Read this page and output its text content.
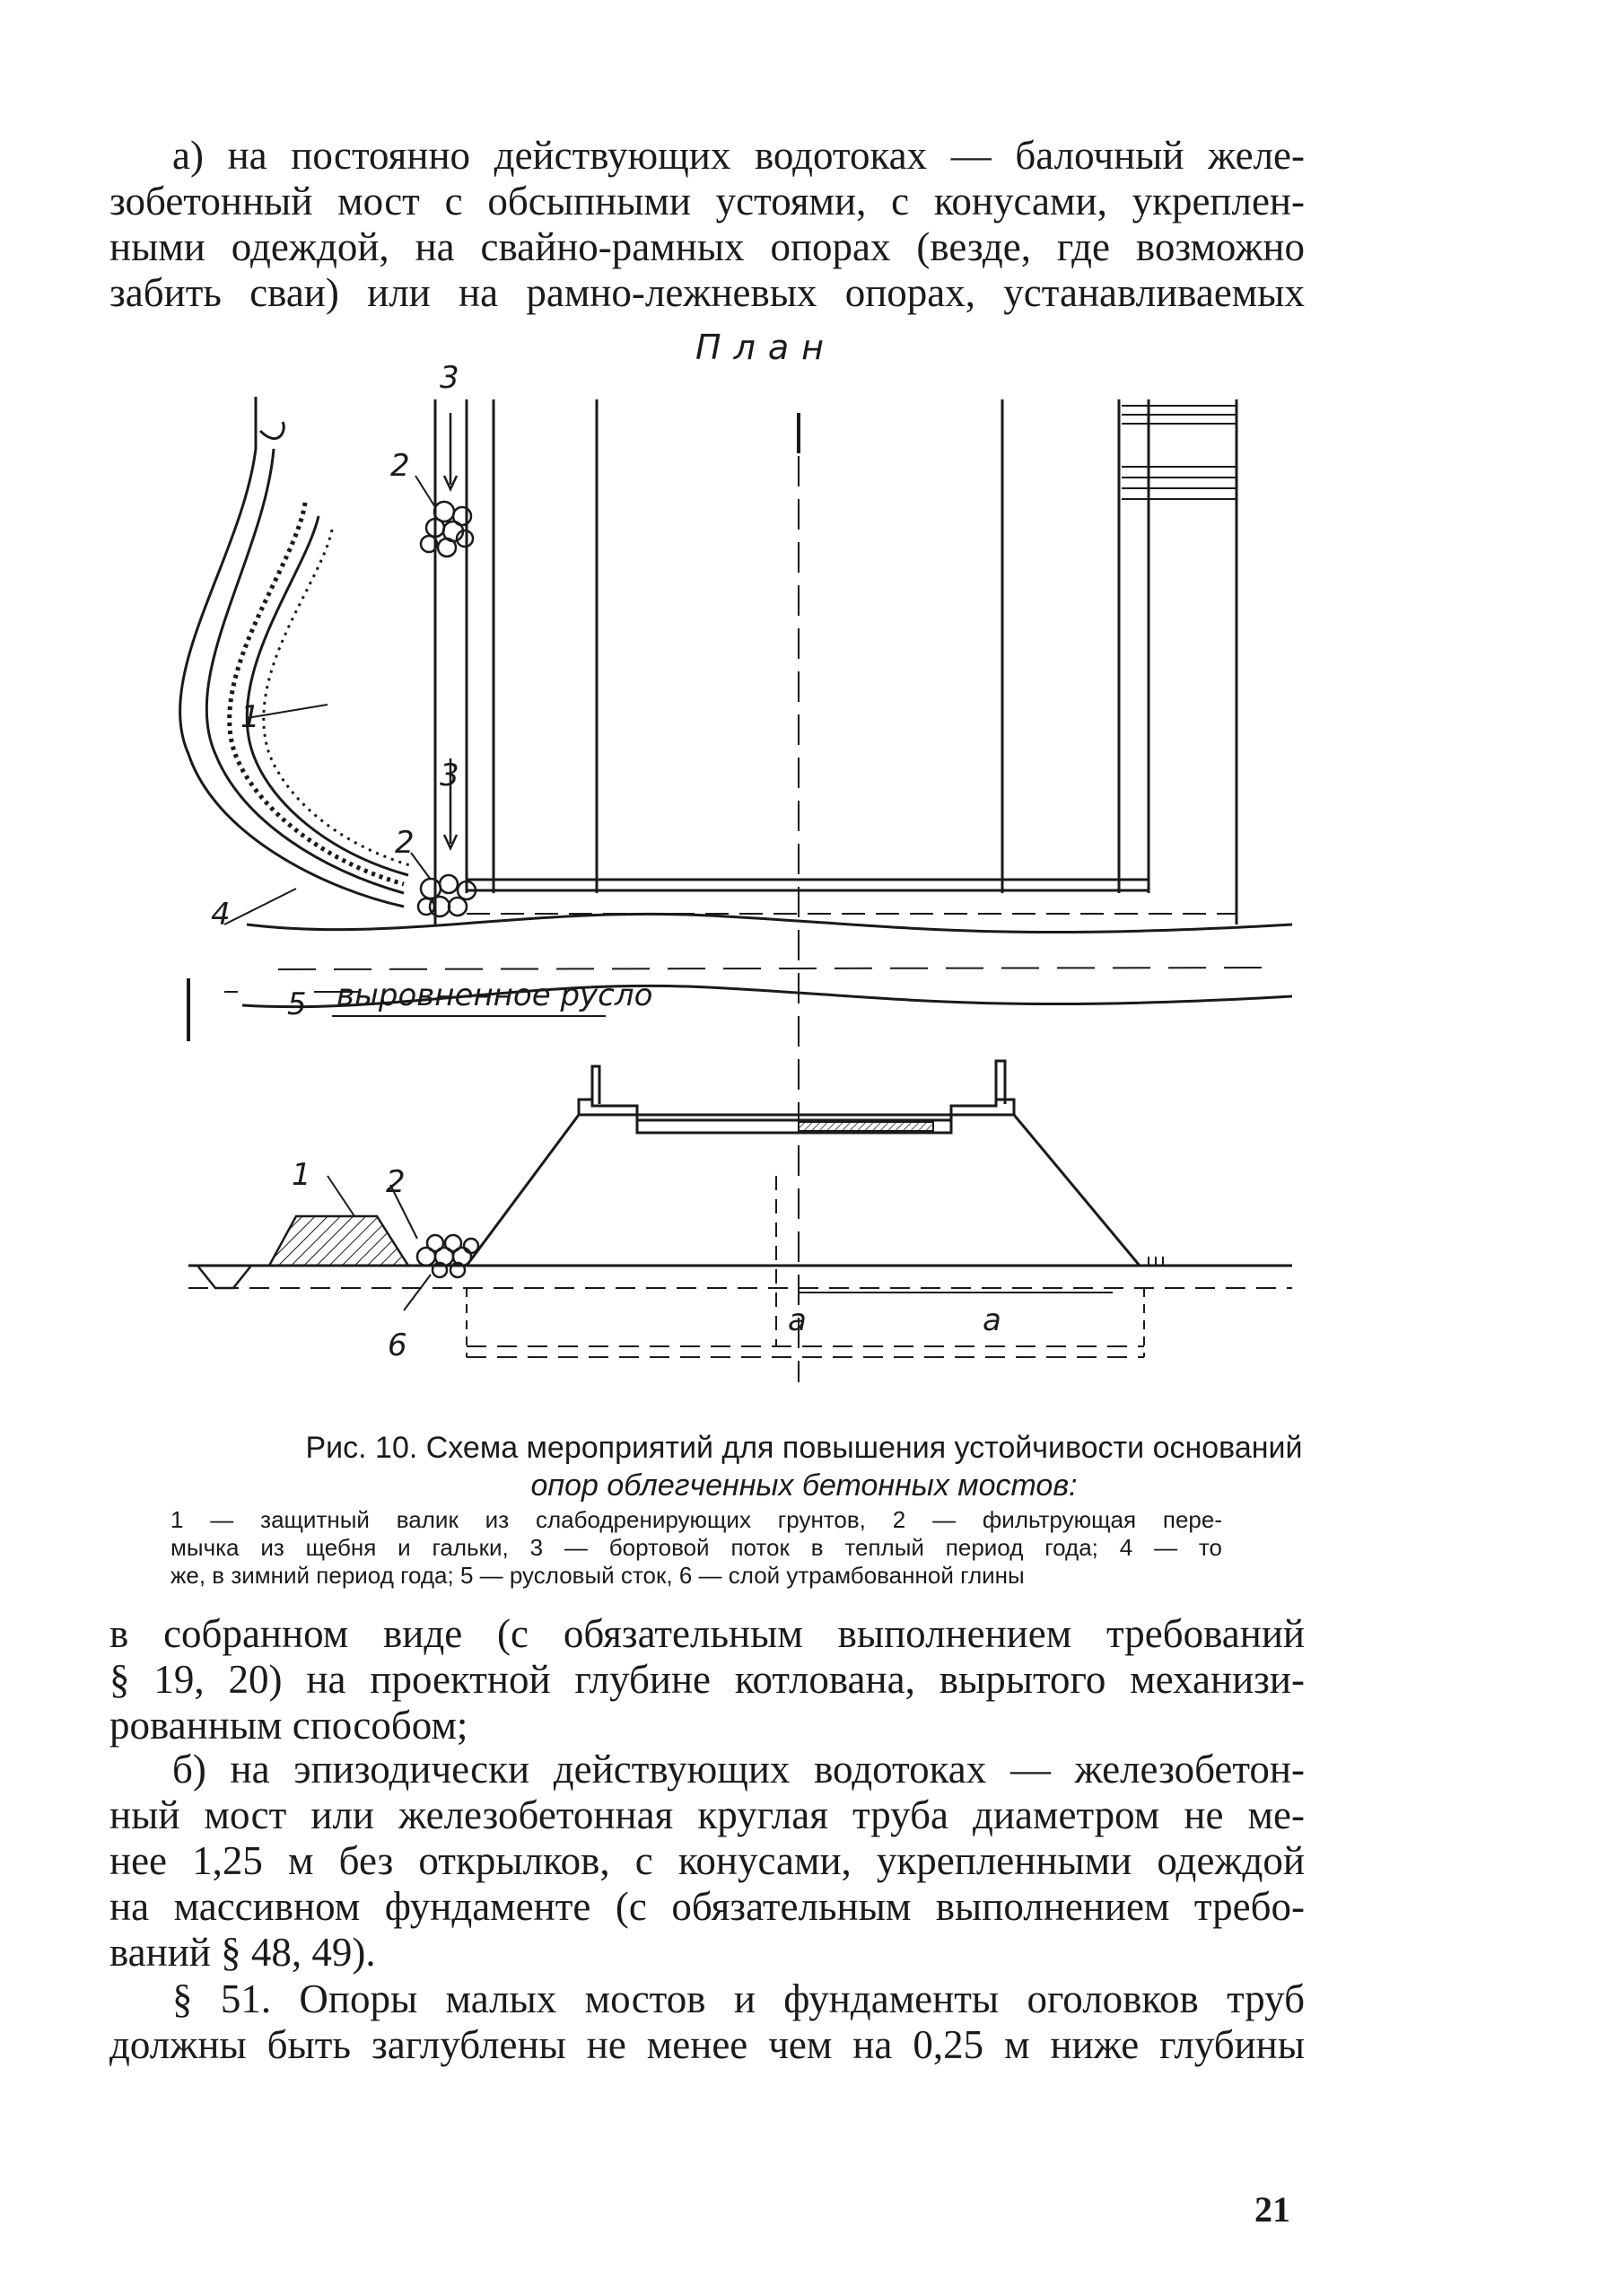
а) на постоянно действующих водотоках — балочный желе-
зобетонный мост с обсыпными устоями, с конусами, укреплен-
ными одеждой, на свайно-рамных опорах (везде, где возможно
забить сваи) или на рамно-лежневых опорах, устанавливаемых
План
3
2
1
3
2
4
5 выровненное русло
1 2
6
а	а
Рис. 10. Схема мероприятий для повышения устойчивости оснований
опор облегченных бетонных мостов:
1 — защитный валик из слабодренирующих грунтов, 2 — фильтрующая пере-
мычка из щебня и гальки, 3 — бортовой поток в теплый период года; 4 — то
же, в зимний период года; 5 — русловый сток, 6 — слой утрамбованной глины
в собранном виде (с обязательным выполнением требований
§ 19, 20) на проектной глубине котлована, вырытого механизи-
рованным способом;
б) на эпизодически действующих водотоках — железобетон-
ный мост или железобетонная круглая труба диаметром не ме-
нее 1,25 м без открылков, с конусами, укрепленными одеждой
на массивном фундаменте (с обязательным выполнением требо-
ваний § 48, 49).
§ 51. Опоры малых мостов и фундаменты оголовков труб
должны быть заглублены не менее чем на 0,25 м ниже глубины
21
